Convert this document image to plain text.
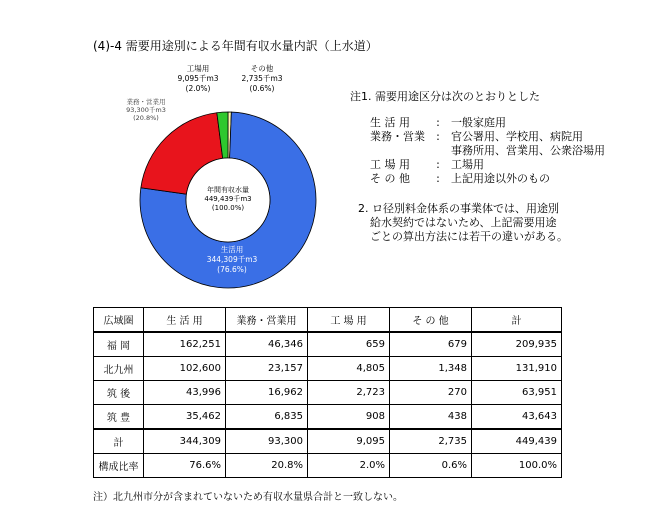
(4)-4 需要用途別による年間有収水量内訳（上水道）
年間有収水量
449,439千m3
(100.0%)
生活用
344,309千m3
(76.6%)
業務・営業用
93,300千m3
(20.8%)
工場用
9,095千m3
(2.0%)
その他
2,735千m3
(0.6%)
注1. 需要用途区分は次のとおりとした
生 活 用	:	一般家庭用
業務・営業	:	官公署用、学校用、病院用
事務所用、営業用、公衆浴場用
工 場 用	:	工場用
そ の 他	:	上記用途以外のもの
2. ロ径別料金体系の事業体では、用途別
給水契約ではないため、上記需要用途
ごとの算出方法には若干の違いがある。
広域圏	生 活 用	業務・営業用	工 場 用	そ の 他	計
福 岡	162,251	46,346	659	679	209,935
北九州	102,600	23,157	4,805	1,348	131,910
筑 後	43,996	16,962	2,723	270	63,951
筑 豊	35,462	6,835	908	438	43,643
計	344,309	93,300	9,095	2,735	449,439
構成比率	76.6%	20.8%	2.0%	0.6%	100.0%
注）北九州市分が含まれていないため有収水量県合計と一致しない。
